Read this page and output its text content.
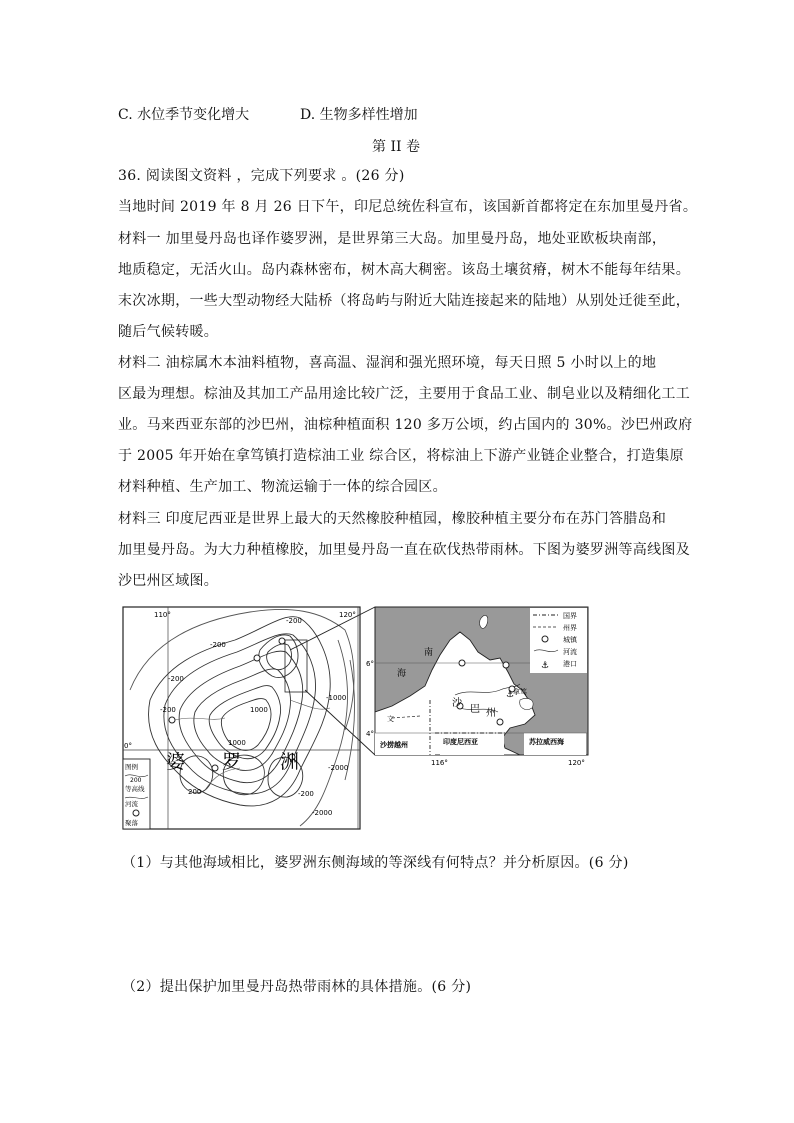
C. 水位季节变化增大	D. 生物多样性增加
第 II 卷
36. 阅读图文资料 ，完成下列要求 。(26 分)
当地时间 2019 年 8 月 26 日下午，印尼总统佐科宣布，该国新首都将定在东加里曼丹省。
材料一 加里曼丹岛也译作婆罗洲，是世界第三大岛。加里曼丹岛，地处亚欧板块南部，
地质稳定，无活火山。岛内森林密布，树木高大稠密。该岛土壤贫瘠，树木不能每年结果。
末次冰期，一些大型动物经大陆桥（将岛屿与附近大陆连接起来的陆地）从别处迁徙至此，
随后气候转暖。
材料二 油棕属木本油料植物，喜高温、湿润和强光照环境，每天日照 5 小时以上的地
区最为理想。棕油及其加工产品用途比较广泛，主要用于食品工业、制皂业以及精细化工工
业。马来西亚东部的沙巴州，油棕种植面积 120 多万公顷，约占国内的 30%。沙巴州政府
于 2005 年开始在拿笃镇打造棕油工业 综合区，将棕油上下游产业链企业整合，打造集原
材料种植、生产加工、物流运输于一体的综合园区。
材料三 印度尼西亚是世界上最大的天然橡胶种植园，橡胶种植主要分布在苏门答腊岛和
加里曼丹岛。为大力种植橡胶，加里曼丹岛一直在砍伐热带雨林。下图为婆罗洲等高线图及
沙巴州区域图。
110°	120°
0°
-200
-200
-200
-1000
1000
1000
-200
-200
-2000
-2000
200
婆 罗 洲
图例
200
等高线
河流
聚落
⚓
南
海
沙
巴 州
拿笃
文
沙捞越州	印度尼西亚	苏拉威西海
6°
4°
116°	120°
国界
州界
城镇
河流
⚓ 港口
（1）与其他海域相比，婆罗洲东侧海域的等深线有何特点？并分析原因。(6 分)
（2）提出保护加里曼丹岛热带雨林的具体措施。(6 分)
